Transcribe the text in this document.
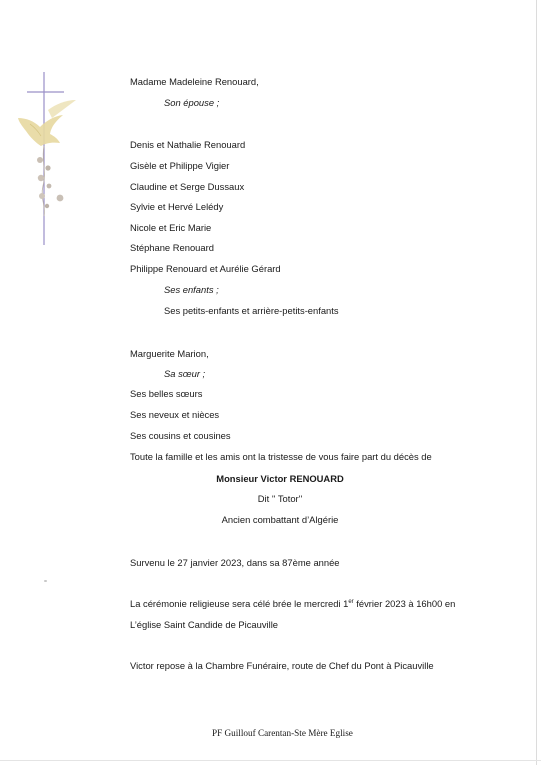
Madame Madeleine Renouard,
Son épouse ;
Denis et Nathalie Renouard
Gisèle et Philippe Vigier
Claudine et Serge Dussaux
Sylvie et Hervé Lelédy
Nicole et Eric Marie
Stéphane Renouard
Philippe Renouard et Aurélie Gérard
Ses enfants ;
Ses petits-enfants et arrière-petits-enfants
Marguerite Marion,
Sa sœur ;
Ses belles sœurs
Ses neveux et nièces
Ses cousins et cousines
Toute la famille et les amis ont la tristesse de vous faire part du décès de
Monsieur Victor RENOUARD
Dit '' Totor''
Ancien combattant d’Algérie
Survenu le 27 janvier 2023, dans sa 87ème année
La cérémonie religieuse sera célé brée le mercredi 1er février 2023 à 16h00 en
L’église Saint Candide de Picauville
Victor repose à la Chambre Funéraire, route de Chef du Pont à Picauville
PF Guillouf Carentan-Ste Mère Eglise
